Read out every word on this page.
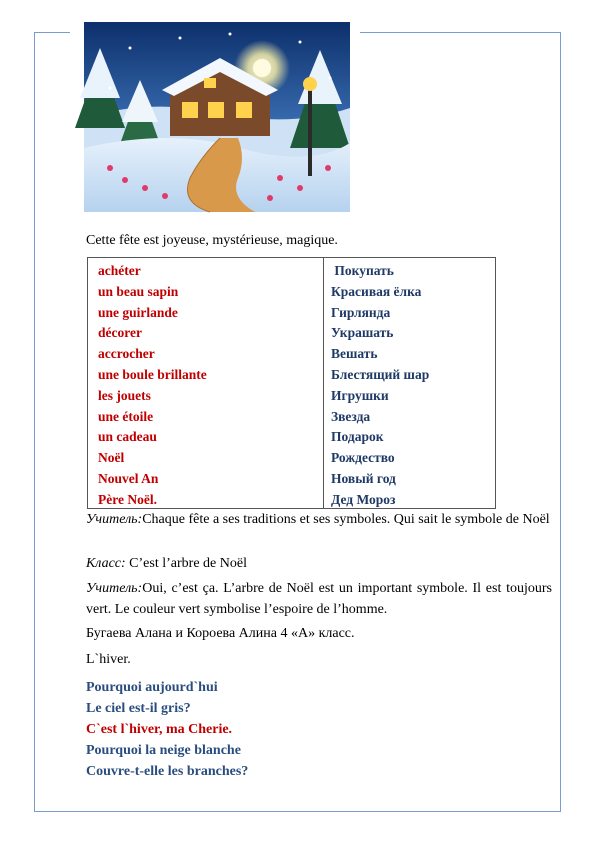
Cette fête est joyeuse, mystérieuse, magique.
achéter
un beau sapin
une guirlande
décorer
accrocher
une boule brillante
les jouets
une étoile
un cadeau
Noël
Nouvel An
Père Noël.
Покупать
Красивая ёлка
Гирлянда
Украшать
Вешать
Блестящий шар
Игрушки
Звезда
Подарок
Рождество
Новый год
Дед Мороз
Учитель:Chaque fête a ses traditions et ses symboles. Qui sait le symbole de Noël
Класс: C’est l’arbre de Noël
Учитель:Oui, c’est ça. L’arbre de Noël est un important symbole. Il est toujours vert. Le couleur vert symbolise l’espoire de l’homme.
Бугаева Алана и Короева Алина 4 «А» класс.
L`hiver.
Pourquoi aujourd`hui
Le ciel est-il gris?
C`est l`hiver, ma Cherie.
Pourquoi la neige blanche
Couvre-t-elle les branches?
